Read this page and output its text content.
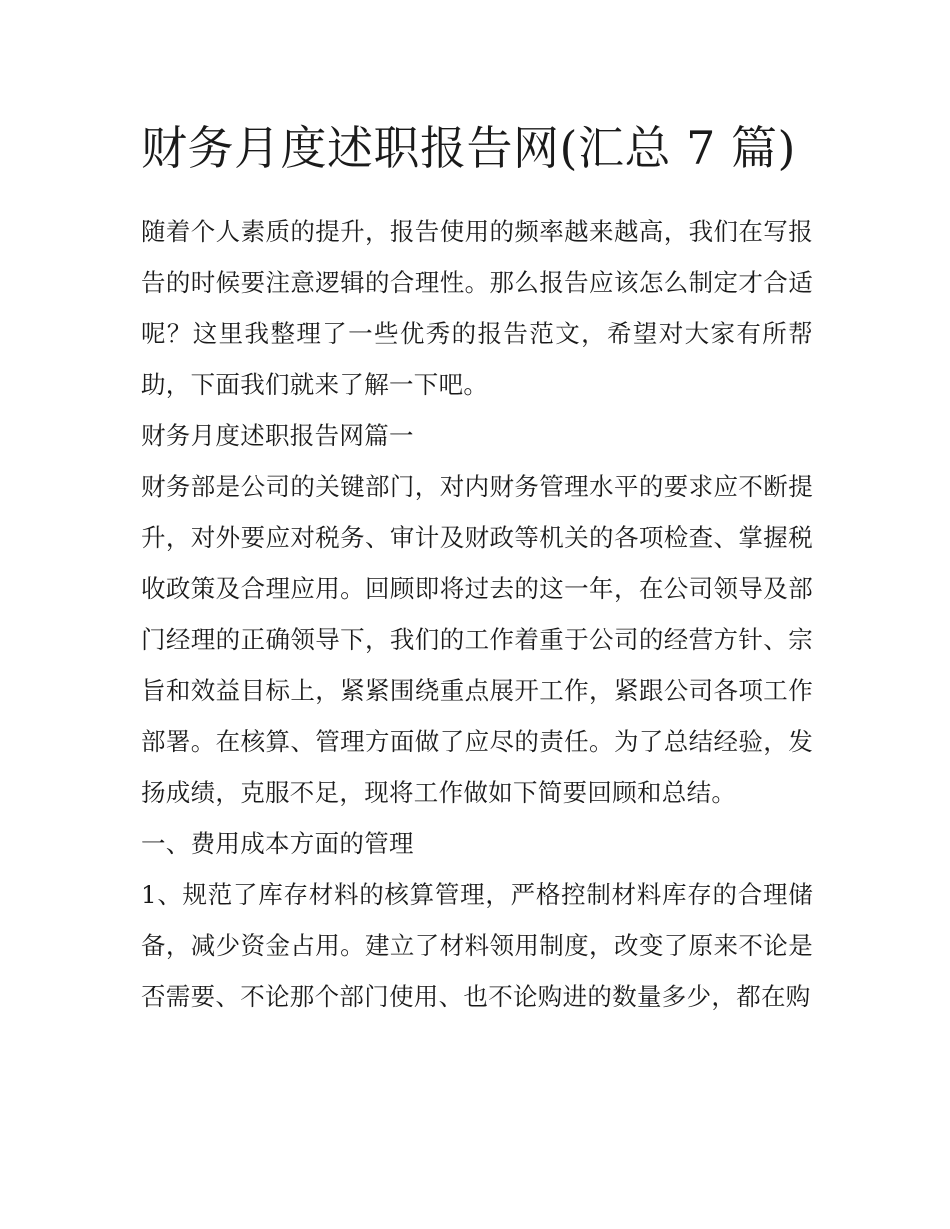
财务月度述职报告网(汇总 7 篇)

随着个人素质的提升，报告使用的频率越来越高，我们在写报告的时候要注意逻辑的合理性。那么报告应该怎么制定才合适呢？这里我整理了一些优秀的报告范文，希望对大家有所帮助，下面我们就来了解一下吧。

财务月度述职报告网篇一

财务部是公司的关键部门，对内财务管理水平的要求应不断提升，对外要应对税务、审计及财政等机关的各项检查、掌握税收政策及合理应用。回顾即将过去的这一年，在公司领导及部门经理的正确领导下，我们的工作着重于公司的经营方针、宗旨和效益目标上，紧紧围绕重点展开工作，紧跟公司各项工作部署。在核算、管理方面做了应尽的责任。为了总结经验，发扬成绩，克服不足，现将工作做如下简要回顾和总结。

一、费用成本方面的管理

1、规范了库存材料的核算管理，严格控制材料库存的合理储备，减少资金占用。建立了材料领用制度，改变了原来不论是否需要、不论那个部门使用、也不论购进的数量多少，都在购
